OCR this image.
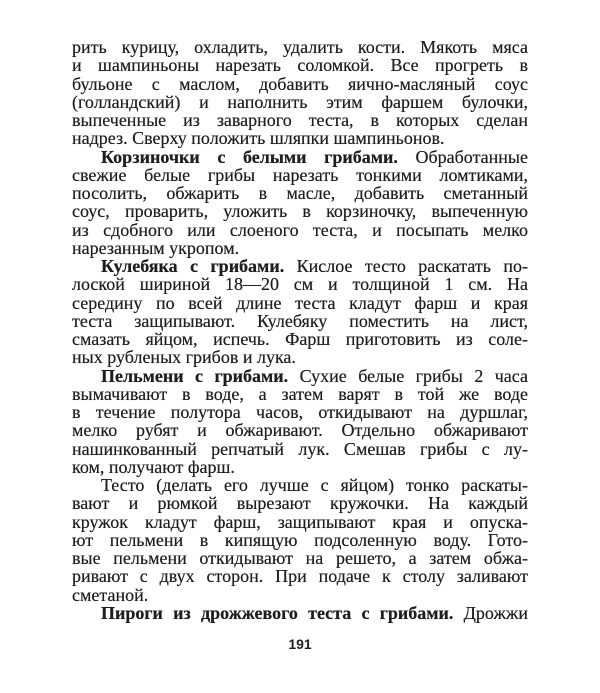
рить курицу, охладить, удалить кости. Мякоть мяса
и шампиньоны нарезать соломкой. Все прогреть в
бульоне с маслом, добавить яично-масляный соус
(голландский) и наполнить этим фаршем булочки,
выпеченные из заварного теста, в которых сделан
надрез. Сверху положить шляпки шампиньонов.
Корзиночки с белыми грибами. Обработанные
свежие белые грибы нарезать тонкими ломтиками,
посолить, обжарить в масле, добавить сметанный
соус, проварить, уложить в корзиночку, выпеченную
из сдобного или слоеного теста, и посыпать мелко
нарезанным укропом.
Кулебяка с грибами. Кислое тесто раскатать по-
лоской шириной 18—20 см и толщиной 1 см. На
середину по всей длине теста кладут фарш и края
теста защипывают. Кулебяку поместить на лист,
смазать яйцом, испечь. Фарш приготовить из соле-
ных рубленых грибов и лука.
Пельмени с грибами. Сухие белые грибы 2 часа
вымачивают в воде, а затем варят в той же воде
в течение полутора часов, откидывают на дуршлаг,
мелко рубят и обжаривают. Отдельно обжаривают
нашинкованный репчатый лук. Смешав грибы с лу-
ком, получают фарш.
Тесто (делать его лучше с яйцом) тонко раскаты-
вают и рюмкой вырезают кружочки. На каждый
кружок кладут фарш, защипывают края и опуска-
ют пельмени в кипящую подсоленную воду. Гото-
вые пельмени откидывают на решето, а затем обжа-
ривают с двух сторон. При подаче к столу заливают
сметаной.
Пироги из дрожжевого теста с грибами. Дрожжи
191
